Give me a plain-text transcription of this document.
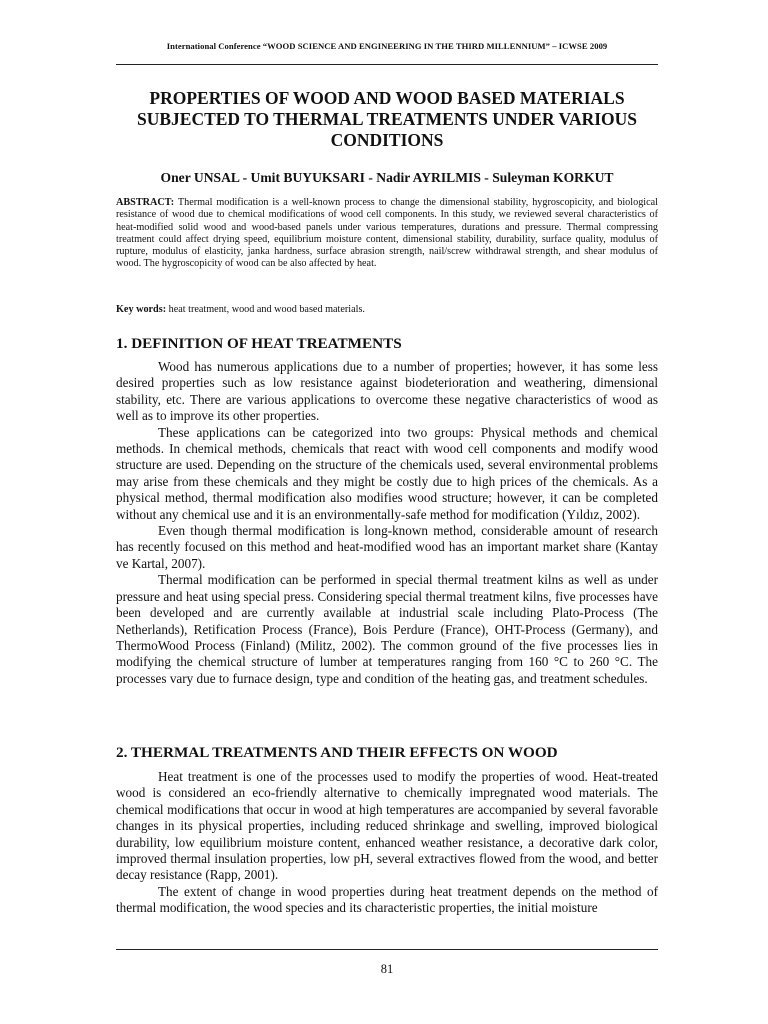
International Conference “WOOD SCIENCE AND ENGINEERING IN THE THIRD MILLENNIUM” – ICWSE 2009
PROPERTIES OF WOOD AND WOOD BASED MATERIALS SUBJECTED TO THERMAL TREATMENTS UNDER VARIOUS CONDITIONS
Oner UNSAL - Umit BUYUKSARI - Nadir AYRILMIS - Suleyman KORKUT
ABSTRACT: Thermal modification is a well-known process to change the dimensional stability, hygroscopicity, and biological resistance of wood due to chemical modifications of wood cell components. In this study, we reviewed several characteristics of heat-modified solid wood and wood-based panels under various temperatures, durations and pressure. Thermal compressing treatment could affect drying speed, equilibrium moisture content, dimensional stability, durability, surface quality, modulus of rupture, modulus of elasticity, janka hardness, surface abrasion strength, nail/screw withdrawal strength, and shear modulus of wood. The hygroscopicity of wood can be also affected by heat.
Key words: heat treatment, wood and wood based materials.
1. DEFINITION OF HEAT TREATMENTS

Wood has numerous applications due to a number of properties; however, it has some less desired properties such as low resistance against biodeterioration and weathering, dimensional stability, etc. There are various applications to overcome these negative characteristics of wood as well as to improve its other properties.

These applications can be categorized into two groups: Physical methods and chemical methods. In chemical methods, chemicals that react with wood cell components and modify wood structure are used. Depending on the structure of the chemicals used, several environmental problems may arise from these chemicals and they might be costly due to high prices of the chemicals. As a physical method, thermal modification also modifies wood structure; however, it can be completed without any chemical use and it is an environmentally-safe method for modification (Yıldız, 2002).

Even though thermal modification is long-known method, considerable amount of research has recently focused on this method and heat-modified wood has an important market share (Kantay ve Kartal, 2007).

Thermal modification can be performed in special thermal treatment kilns as well as under pressure and heat using special press. Considering special thermal treatment kilns, five processes have been developed and are currently available at industrial scale including Plato-Process (The Netherlands), Retification Process (France), Bois Perdure (France), OHT-Process (Germany), and ThermoWood Process (Finland) (Militz, 2002). The common ground of the five processes lies in modifying the chemical structure of lumber at temperatures ranging from 160 °C to 260 °C. The processes vary due to furnace design, type and condition of the heating gas, and treatment schedules.

2. THERMAL TREATMENTS AND THEIR EFFECTS ON WOOD

Heat treatment is one of the processes used to modify the properties of wood. Heat-treated wood is considered an eco-friendly alternative to chemically impregnated wood materials. The chemical modifications that occur in wood at high temperatures are accompanied by several favorable changes in its physical properties, including reduced shrinkage and swelling, improved biological durability, low equilibrium moisture content, enhanced weather resistance, a decorative dark color, improved thermal insulation properties, low pH, several extractives flowed from the wood, and better decay resistance (Rapp, 2001).

The extent of change in wood properties during heat treatment depends on the method of thermal modification, the wood species and its characteristic properties, the initial moisture

81
